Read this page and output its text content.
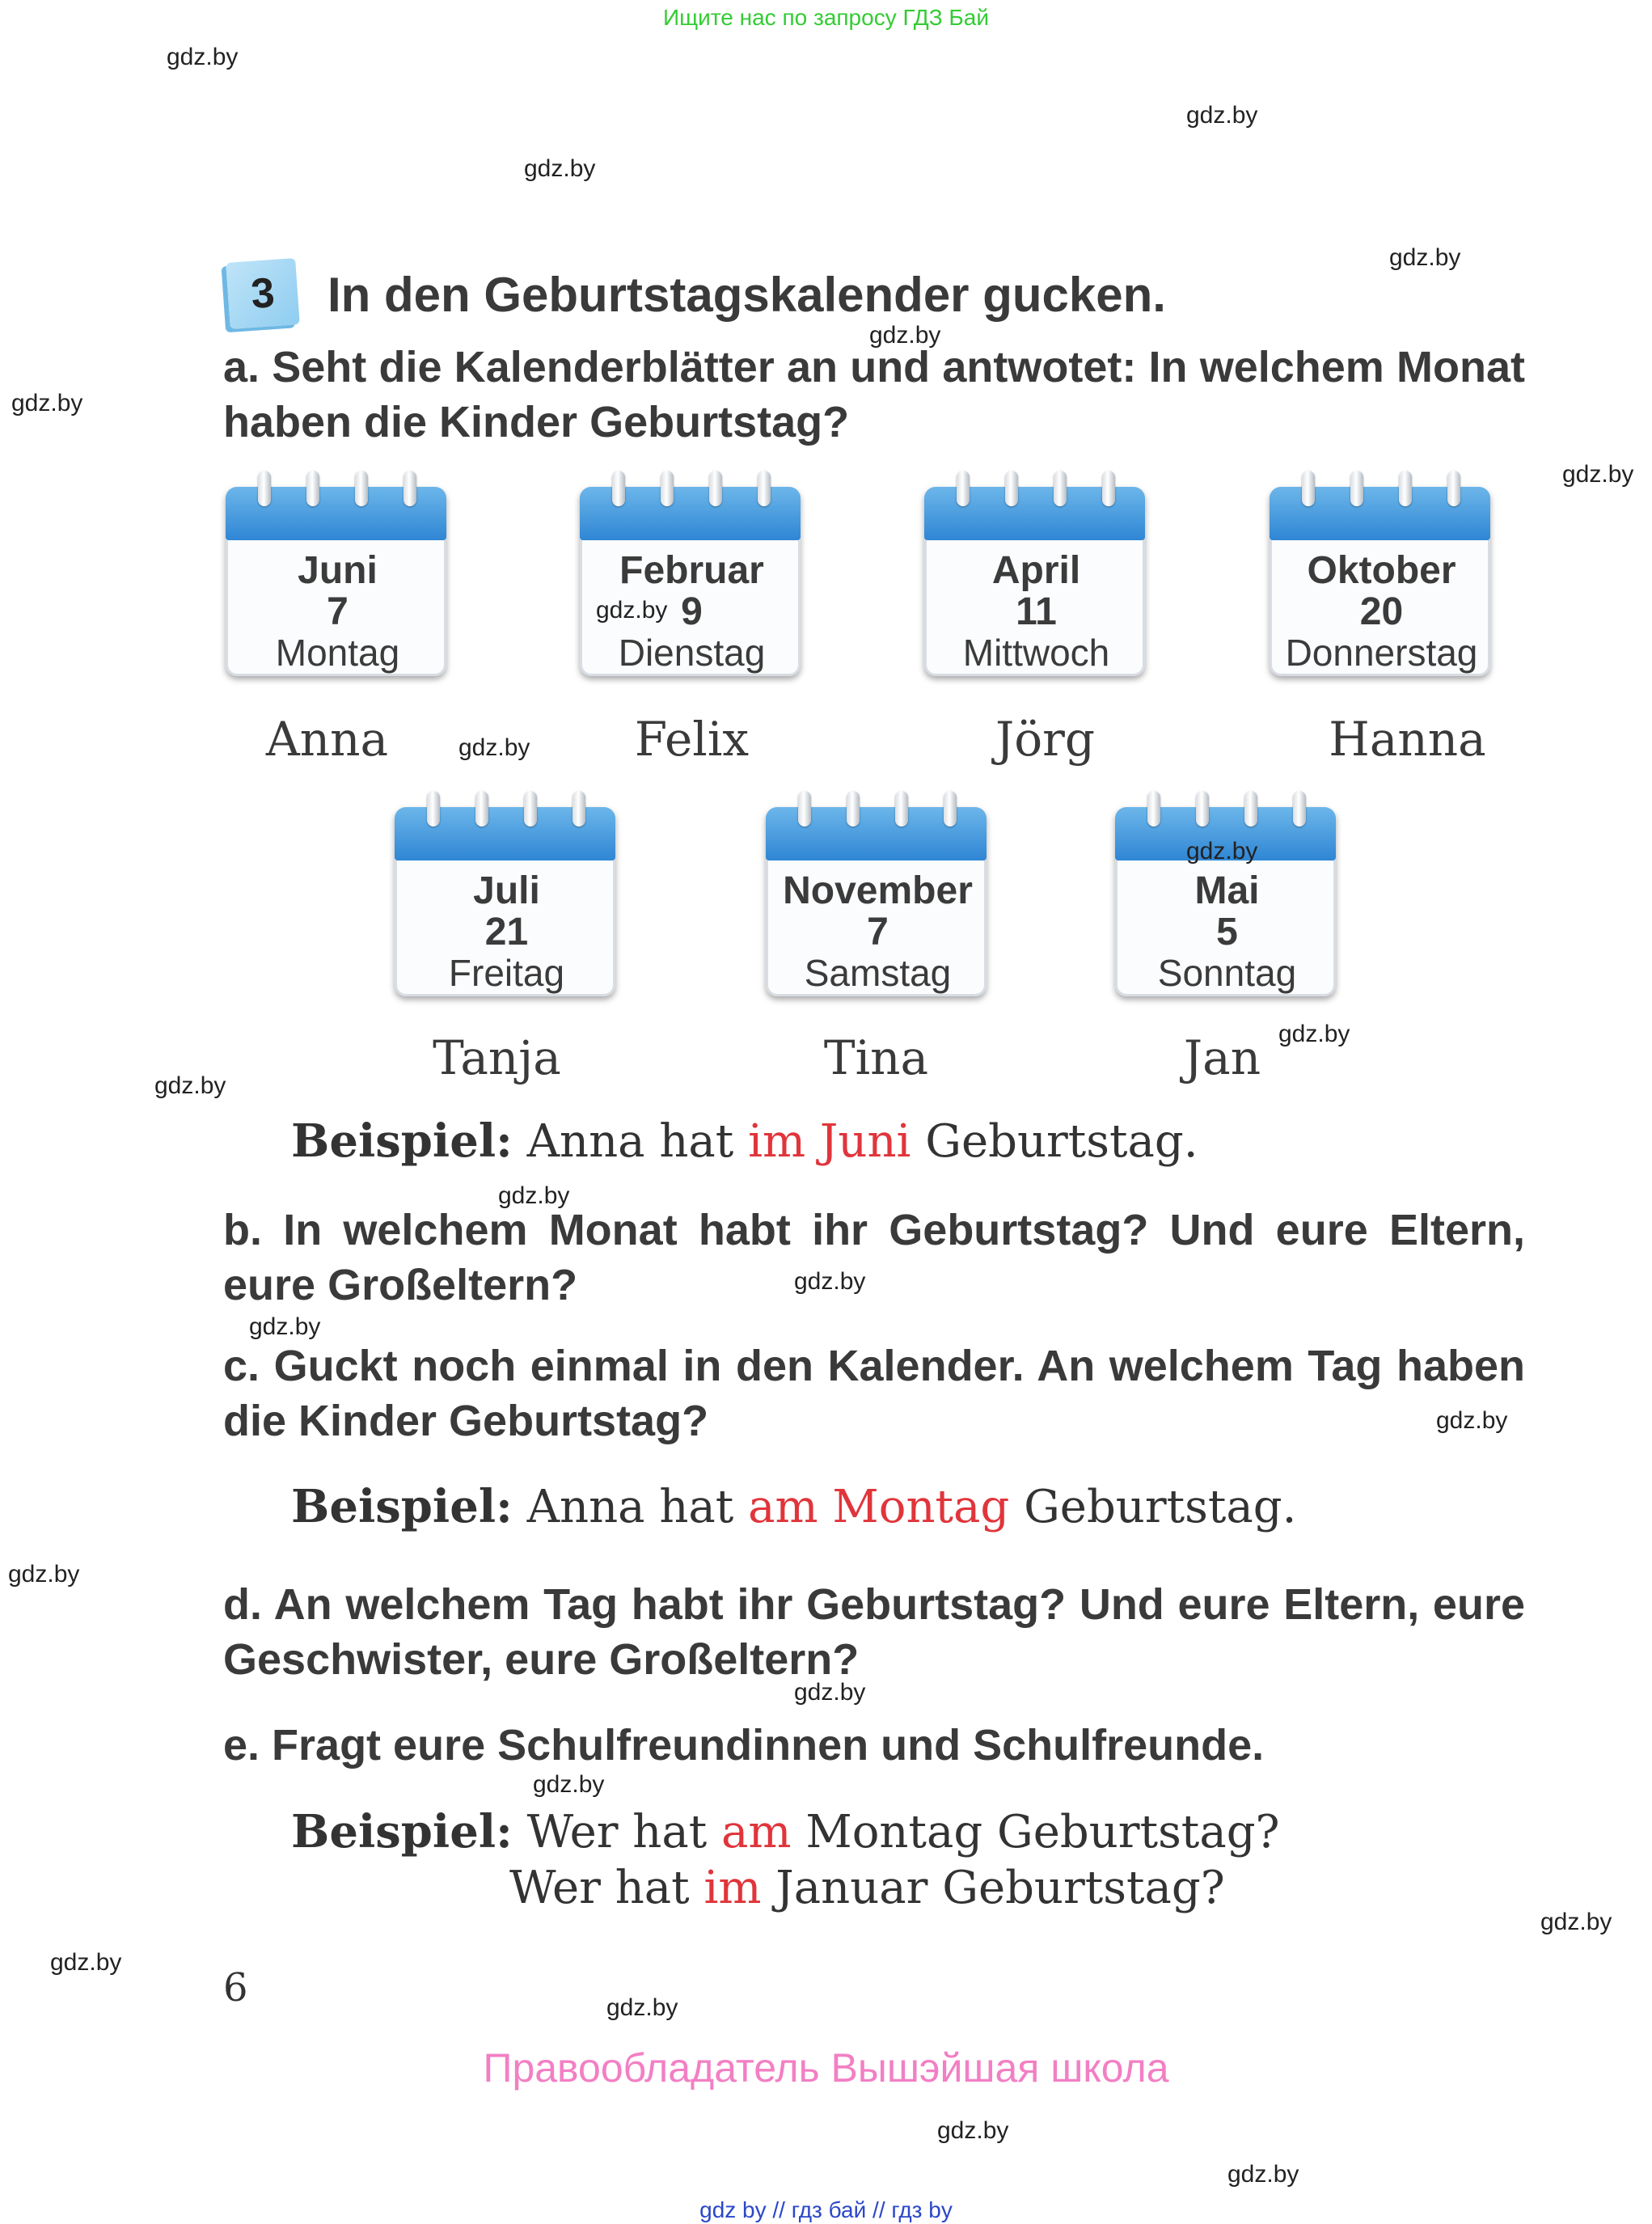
Ищите нас по запросу ГДЗ Бай
gdz.by
gdz.by
gdz.by
gdz.by
gdz.by
gdz.by
gdz.by
gdz.by
gdz.by
gdz.by
gdz.by
gdz.by
gdz.by
gdz.by
gdz.by
gdz.by
gdz.by
gdz.by
gdz.by
gdz.by
gdz.by
gdz.by
gdz.by
gdz.by
3 In den Geburtstagskalender gucken.
a. Seht die Kalenderblätter an und antwotet: In welchem Monat haben die Kinder Geburtstag?
Juni
7
Montag
Anna
Februar
9
Dienstag
Felix
April
11
Mittwoch
Jörg
Oktober
20
Donnerstag
Hanna
Juli
21
Freitag
Tanja
November
7
Samstag
Tina
Mai
5
Sonntag
Jan
Beispiel: Anna hat im Juni Geburtstag.
b. In welchem Monat habt ihr Geburtstag? Und eure Eltern, eure Großeltern?
c. Guckt noch einmal in den Kalender. An welchem Tag haben die Kinder Geburtstag?
Beispiel: Anna hat am Montag Geburtstag.
d. An welchem Tag habt ihr Geburtstag? Und eure Eltern, eure Geschwister, eure Großeltern?
e. Fragt eure Schulfreundinnen und Schulfreunde.
Beispiel: Wer hat am Montag Geburtstag?
Wer hat im Januar Geburtstag?
6
Правообладатель Вышэйшая школа
gdz by // гдз бай // гдз by
